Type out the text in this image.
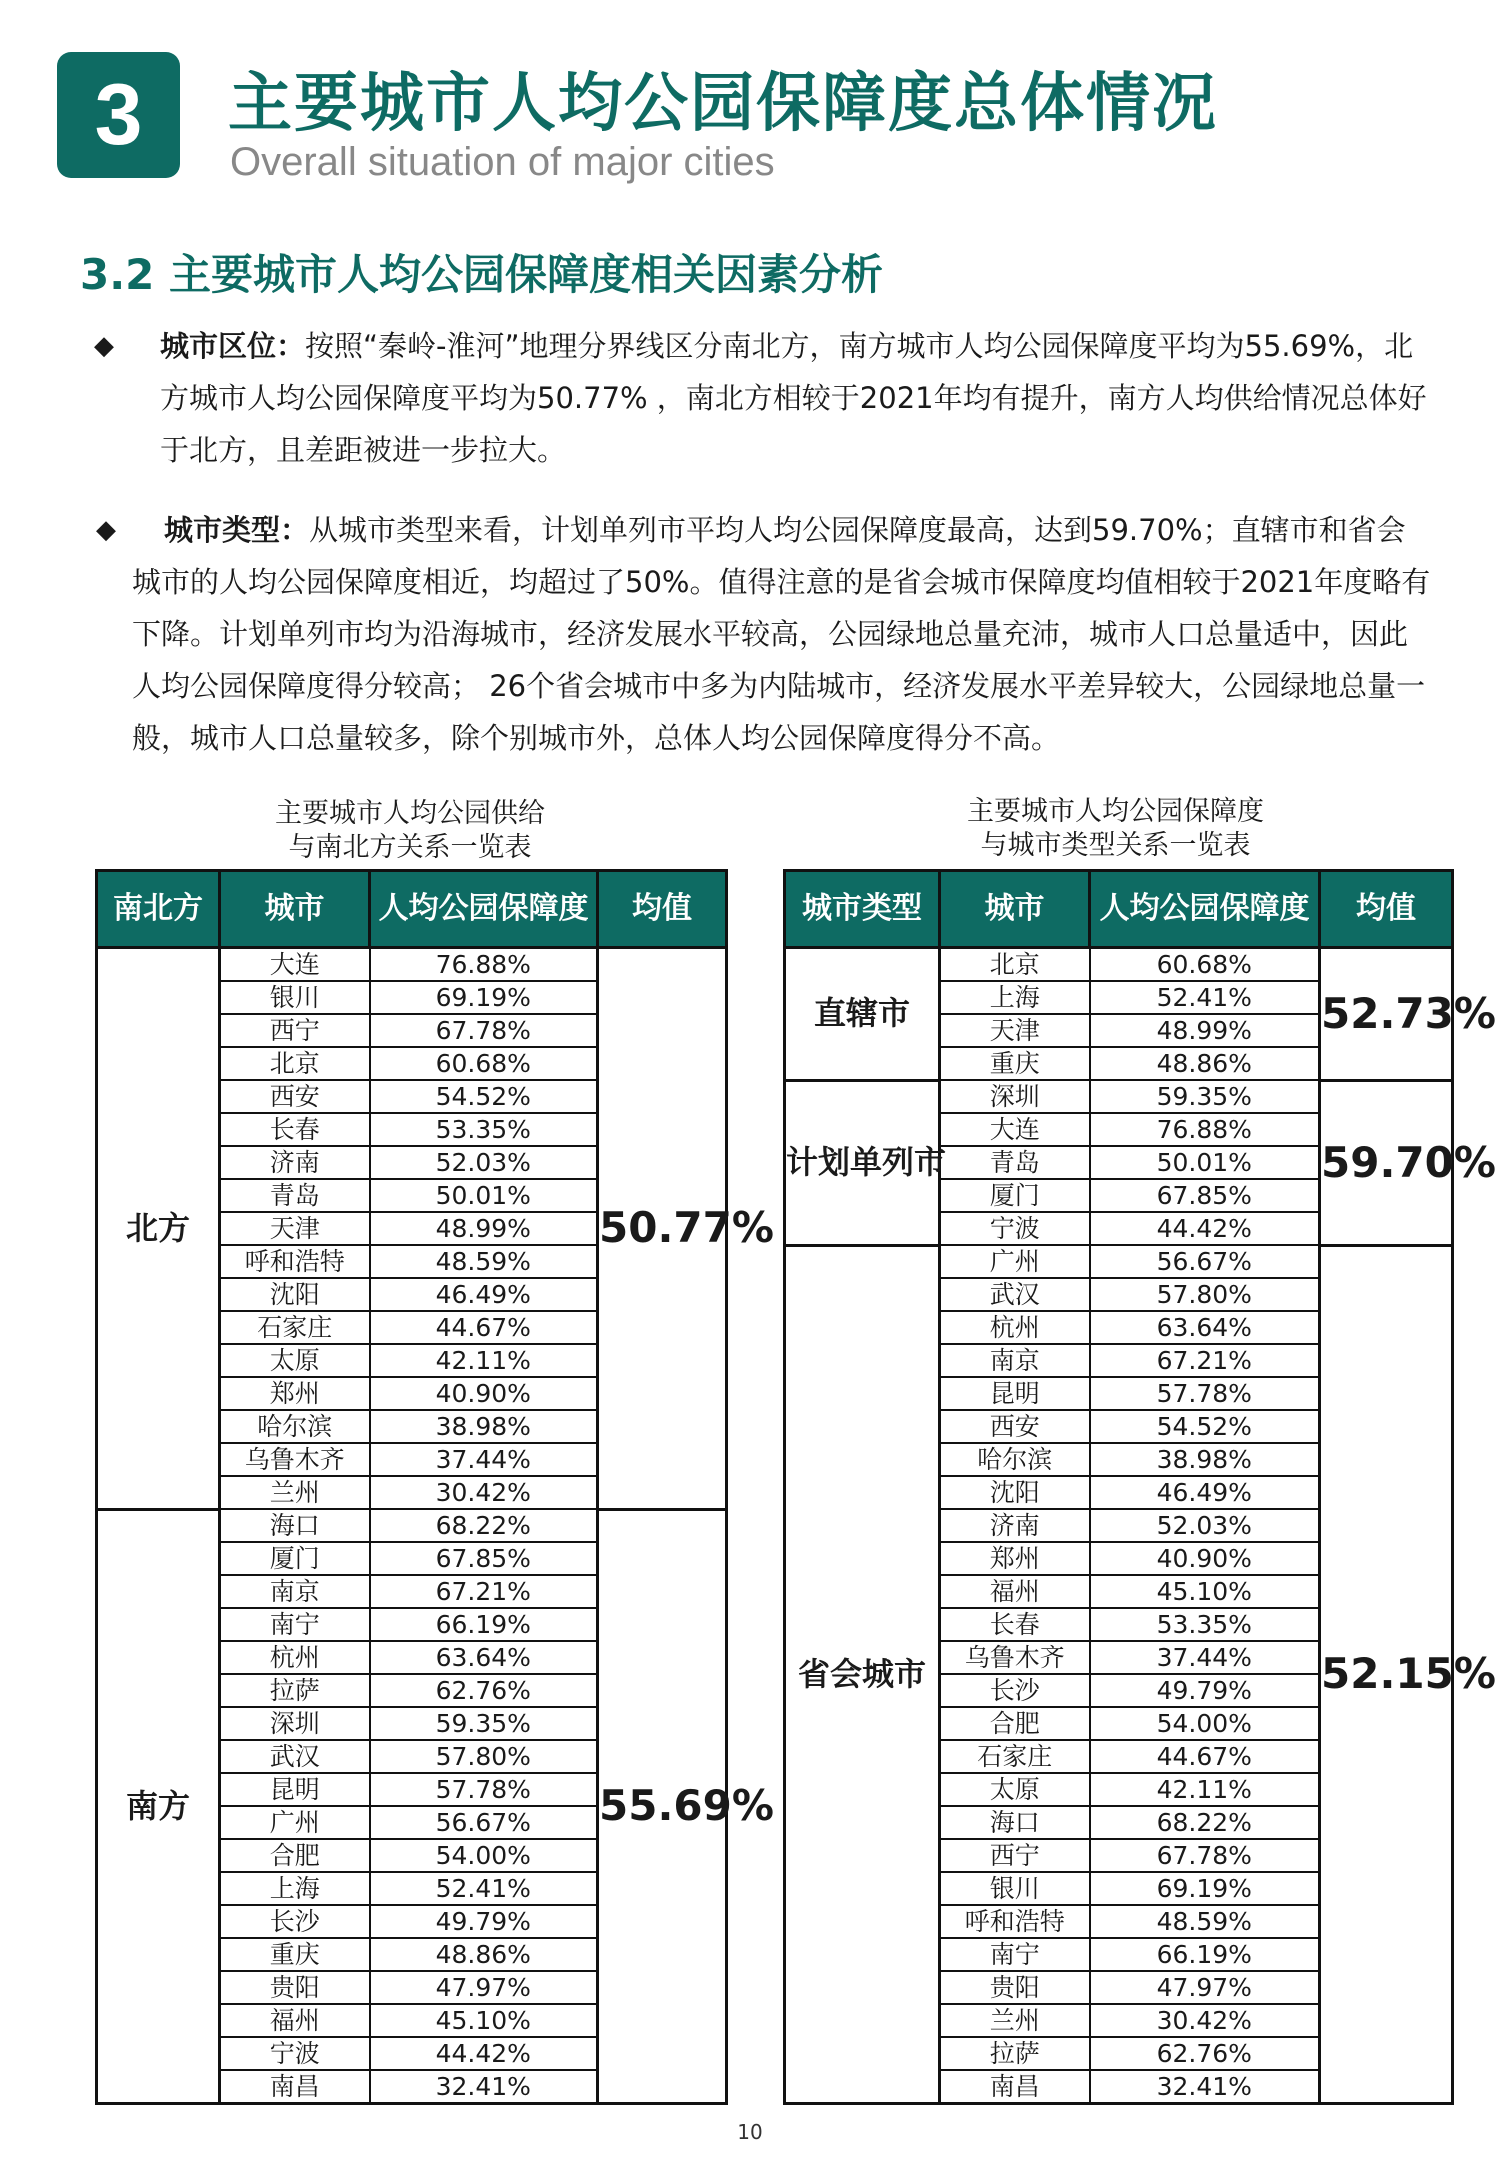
3	主要城市人均公园保障度总体情况
Overall situation of major cities
3.2 主要城市人均公园保障度相关因素分析
◆ 城市区位：按照“秦岭-淮河”地理分界线区分南北方，南方城市人均公园保障度平均为55.69%，北方城市人均公园保障度平均为50.77% ，南北方相较于2021年均有提升，南方人均供给情况总体好于北方，且差距被进一步拉大。
◆ 城市类型：从城市类型来看，计划单列市平均人均公园保障度最高，达到59.70%；直辖市和省会城市的人均公园保障度相近，均超过了50%。值得注意的是省会城市保障度均值相较于2021年度略有下降。计划单列市均为沿海城市，经济发展水平较高，公园绿地总量充沛，城市人口总量适中，因此人均公园保障度得分较高； 26个省会城市中多为内陆城市，经济发展水平差异较大，公园绿地总量一般，城市人口总量较多，除个别城市外，总体人均公园保障度得分不高。
主要城市人均公园供给
与南北方关系一览表
主要城市人均公园保障度
与城市类型关系一览表
南北方	城市	人均公园保障度	均值
北方	大连	76.88%	50.77%
	银川	69.19%	
	西宁	67.78%	
	北京	60.68%	
	西安	54.52%	
	长春	53.35%	
	济南	52.03%	
	青岛	50.01%	
	天津	48.99%	
	呼和浩特	48.59%	
	沈阳	46.49%	
	石家庄	44.67%	
	太原	42.11%	
	郑州	40.90%	
	哈尔滨	38.98%	
	乌鲁木齐	37.44%	
	兰州	30.42%	
南方	海口	68.22%	55.69%
	厦门	67.85%	
	南京	67.21%	
	南宁	66.19%	
	杭州	63.64%	
	拉萨	62.76%	
	深圳	59.35%	
	武汉	57.80%	
	昆明	57.78%	
	广州	56.67%	
	合肥	54.00%	
	上海	52.41%	
	长沙	49.79%	
	重庆	48.86%	
	贵阳	47.97%	
	福州	45.10%	
	宁波	44.42%	
	南昌	32.41%	
城市类型	城市	人均公园保障度	均值
直辖市	北京	60.68%	52.73%
	上海	52.41%	
	天津	48.99%	
	重庆	48.86%	
计划单列市	深圳	59.35%	59.70%
	大连	76.88%	
	青岛	50.01%	
	厦门	67.85%	
	宁波	44.42%	
省会城市	广州	56.67%	52.15%
	武汉	57.80%	
	杭州	63.64%	
	南京	67.21%	
	昆明	57.78%	
	西安	54.52%	
	哈尔滨	38.98%	
	沈阳	46.49%	
	济南	52.03%	
	郑州	40.90%	
	福州	45.10%	
	长春	53.35%	
	乌鲁木齐	37.44%	
	长沙	49.79%	
	合肥	54.00%	
	石家庄	44.67%	
	太原	42.11%	
	海口	68.22%	
	西宁	67.78%	
	银川	69.19%	
	呼和浩特	48.59%	
	南宁	66.19%	
	贵阳	47.97%	
	兰州	30.42%	
	拉萨	62.76%	
	南昌	32.41%	
10
